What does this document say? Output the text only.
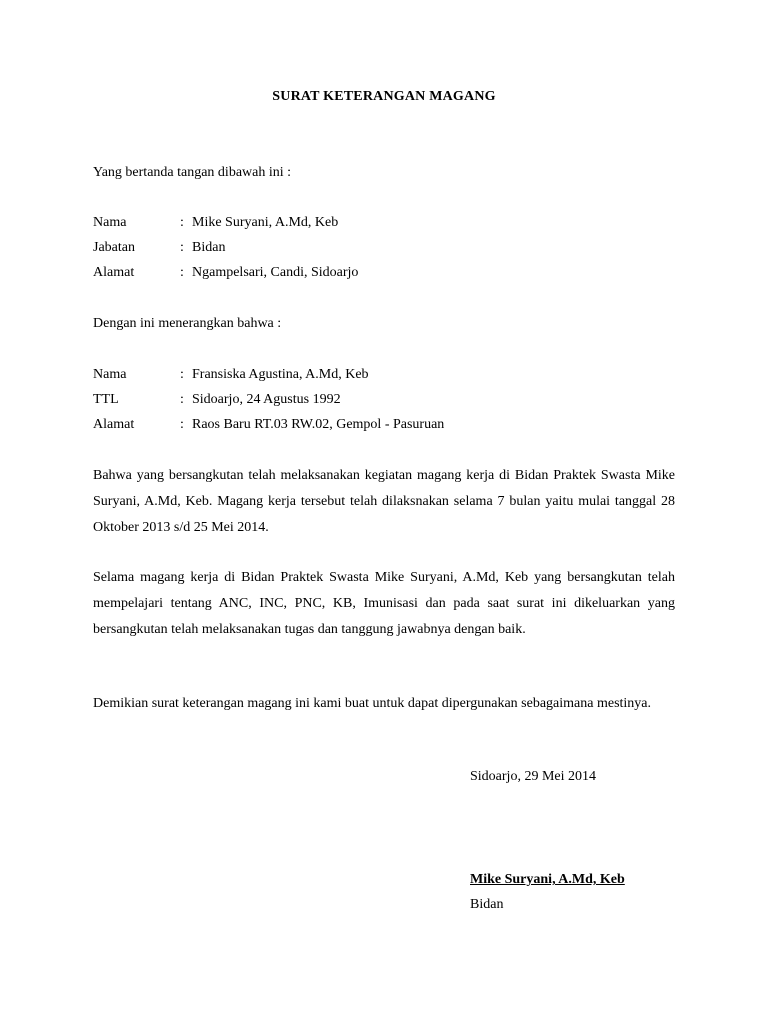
SURAT KETERANGAN MAGANG
Yang bertanda tangan dibawah ini :
Nama	: Mike Suryani, A.Md, Keb
Jabatan	: Bidan
Alamat	: Ngampelsari, Candi, Sidoarjo
Dengan ini menerangkan bahwa :
Nama	: Fransiska Agustina, A.Md, Keb
TTL	: Sidoarjo, 24 Agustus 1992
Alamat	: Raos Baru RT.03 RW.02, Gempol - Pasuruan
Bahwa yang bersangkutan telah melaksanakan kegiatan magang kerja di Bidan Praktek Swasta Mike Suryani, A.Md, Keb. Magang kerja tersebut telah dilaksnakan selama 7 bulan yaitu mulai tanggal 28 Oktober 2013 s/d 25 Mei 2014.
Selama magang kerja di Bidan Praktek Swasta Mike Suryani, A.Md, Keb yang bersangkutan telah mempelajari tentang ANC, INC, PNC, KB, Imunisasi dan pada saat surat ini dikeluarkan yang bersangkutan telah melaksanakan tugas dan tanggung jawabnya dengan baik.
Demikian surat keterangan magang ini kami buat untuk dapat dipergunakan sebagaimana mestinya.
Sidoarjo, 29 Mei 2014
Mike Suryani, A.Md, Keb
Bidan
